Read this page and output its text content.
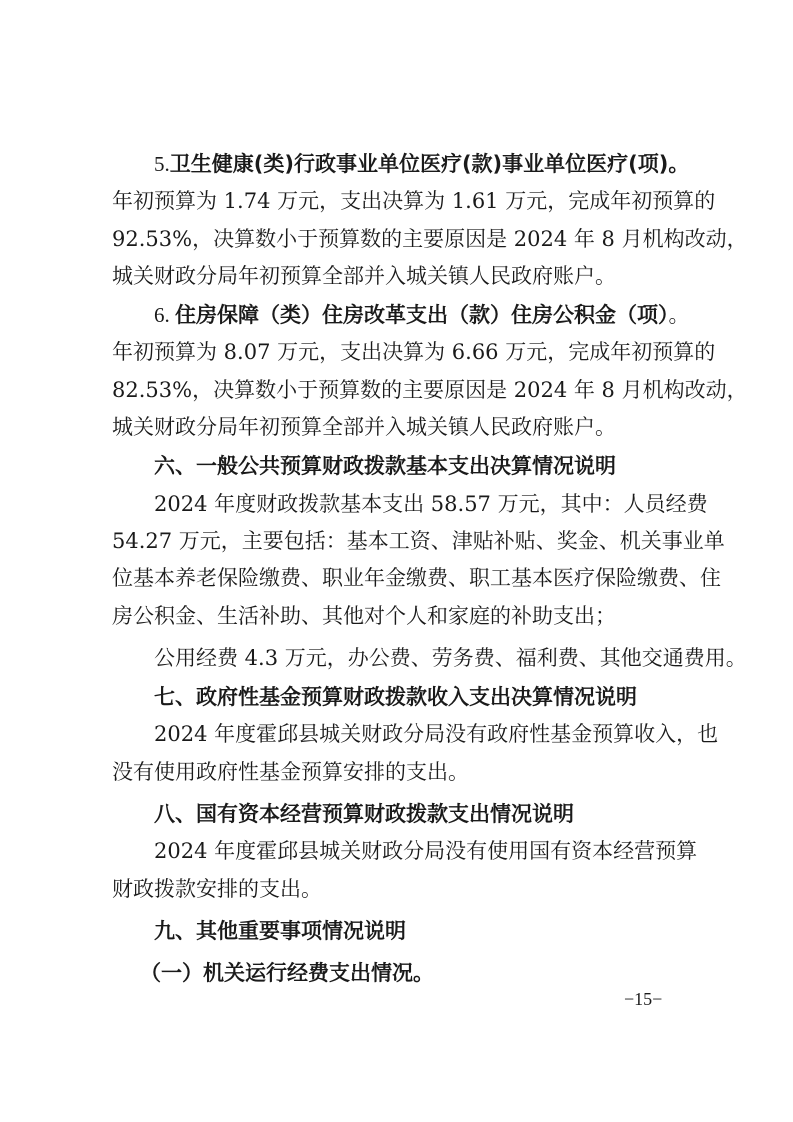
5.卫生健康(类)行政事业单位医疗(款)事业单位医疗(项)。
年初预算为 1.74 万元，支出决算为 1.61 万元，完成年初预算的
92.53%，决算数小于预算数的主要原因是 2024 年 8 月机构改动，
城关财政分局年初预算全部并入城关镇人民政府账户。
6. 住房保障（类）住房改革支出（款）住房公积金（项）。
年初预算为 8.07 万元，支出决算为 6.66 万元，完成年初预算的
82.53%，决算数小于预算数的主要原因是 2024 年 8 月机构改动，
城关财政分局年初预算全部并入城关镇人民政府账户。
六、一般公共预算财政拨款基本支出决算情况说明
2024 年度财政拨款基本支出 58.57 万元，其中：人员经费
54.27 万元，主要包括：基本工资、津贴补贴、奖金、机关事业单
位基本养老保险缴费、职业年金缴费、职工基本医疗保险缴费、住
房公积金、生活补助、其他对个人和家庭的补助支出；
公用经费 4.3 万元，办公费、劳务费、福利费、其他交通费用。
七、政府性基金预算财政拨款收入支出决算情况说明
2024 年度霍邱县城关财政分局没有政府性基金预算收入，也
没有使用政府性基金预算安排的支出。
八、国有资本经营预算财政拨款支出情况说明
2024 年度霍邱县城关财政分局没有使用国有资本经营预算
财政拨款安排的支出。
九、其他重要事项情况说明
（一）机关运行经费支出情况。
−15−
